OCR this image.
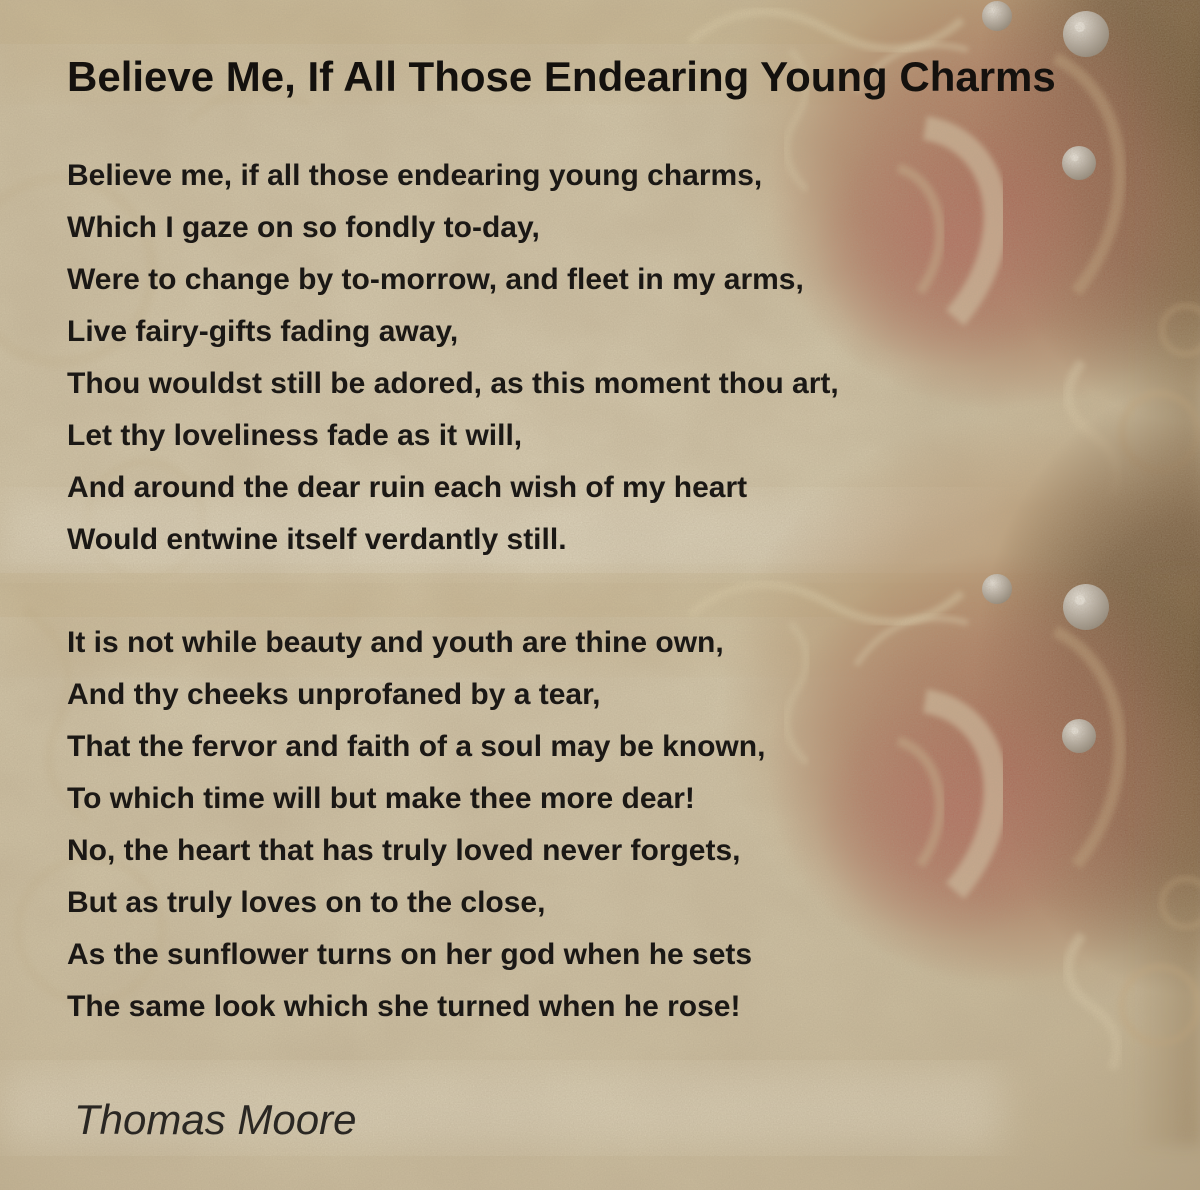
Believe Me, If All Those Endearing Young Charms

Believe me, if all those endearing young charms,

Which I gaze on so fondly to-day,

Were to change by to-morrow, and fleet in my arms,

Live fairy-gifts fading away,

Thou wouldst still be adored, as this moment thou art,

Let thy loveliness fade as it will,

And around the dear ruin each wish of my heart

Would entwine itself verdantly still.

It is not while beauty and youth are thine own,

And thy cheeks unprofaned by a tear,

That the fervor and faith of a soul may be known,

To which time will but make thee more dear!

No, the heart that has truly loved never forgets,

But as truly loves on to the close,

As the sunflower turns on her god when he sets

The same look which she turned when he rose!

Thomas Moore
